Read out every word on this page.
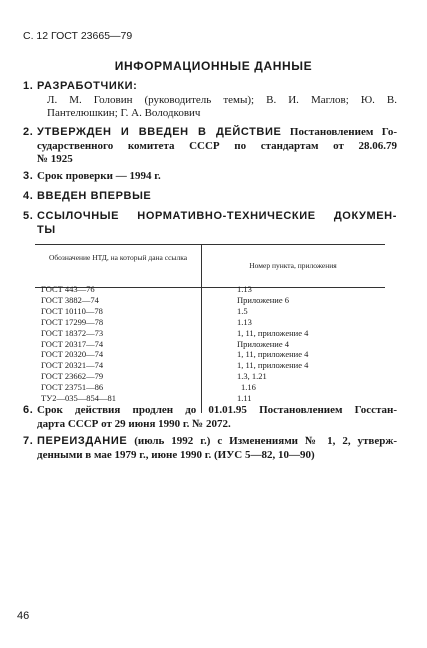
С. 12 ГОСТ 23665—79
ИНФОРМАЦИОННЫЕ ДАННЫЕ
1. РАЗРАБОТЧИКИ:
Л. М. Головин (руководитель темы); В. И. Маглов; Ю. В.
Пантелюшкин; Г. А. Володкович
2. УТВЕРЖДЕН И ВВЕДЕН В ДЕЙСТВИЕ Постановлением Го-
сударственного комитета СССР по стандартам от 28.06.79
№ 1925
3. Срок проверки — 1994 г.
4. ВВЕДЕН ВПЕРВЫЕ
5. ССЫЛОЧНЫЕ НОРМАТИВНО-ТЕХНИЧЕСКИЕ ДОКУМЕН-
ТЫ
Обозначение НТД, на который дана ссылка
Номер пункта, приложения
ГОСТ 443—76	1.13
ГОСТ 3882—74	Приложение 6
ГОСТ 10110—78	1.5
ГОСТ 17299—78	1.13
ГОСТ 18372—73	1, 11, приложение 4
ГОСТ 20317—74	Приложение 4
ГОСТ 20320—74	1, 11, приложение 4
ГОСТ 20321—74	1, 11, приложение 4
ГОСТ 23662—79	1.3, 1.21
ГОСТ 23751—86	1.16
ТУ2—035—854—81	1.11
6. Срок действия продлен до 01.01.95 Постановлением Госстан-
дарта СССР от 29 июня 1990 г. № 2072.
7. ПЕРЕИЗДАНИЕ (июль 1992 г.) с Изменениями № 1, 2, утверж-
денными в мае 1979 г., июне 1990 г. (ИУС 5—82, 10—90)
46
